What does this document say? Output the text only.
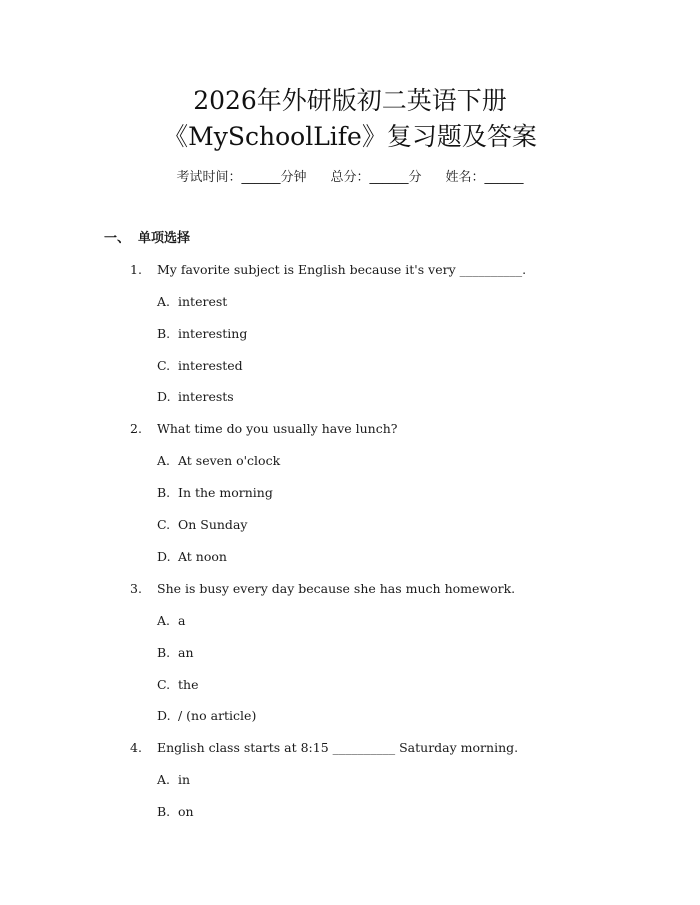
2026年外研版初二英语下册
《MySchoolLife》复习题及答案
考试时间：______分钟 总分：______分 姓名：______
一、 单项选择
1. My favorite subject is English because it's very __________.
A. interest
B. interesting
C. interested
D. interests
2. What time do you usually have lunch?
A. At seven o'clock
B. In the morning
C. On Sunday
D. At noon
3. She is busy every day because she has much homework.
A. a
B. an
C. the
D. / (no article)
4. English class starts at 8:15 __________ Saturday morning.
A. in
B. on
